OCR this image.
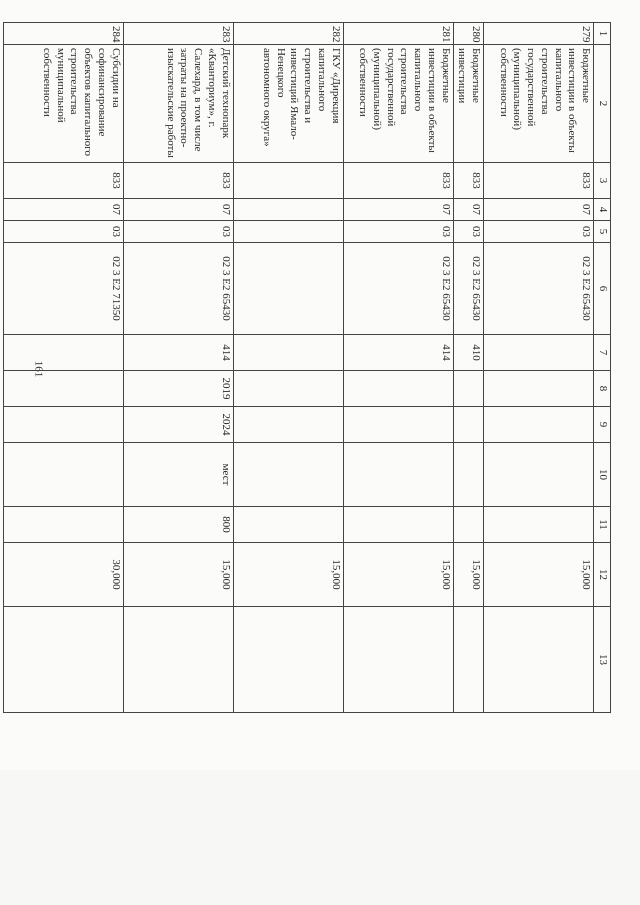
161
1	2	3	4	5	6	7	8	9	10	11	12	13
279	Бюджетные инвестиции в объекты капитального строительства государственной (муниципальной) собственности	833	07	03	02 3 E2 65430						15,000	
280	Бюджетные инвестиции	833	07	03	02 3 E2 65430	410					15,000	
281	Бюджетные инвестиции в объекты капитального строительства государственной (муниципальной) собственности	833	07	03	02 3 E2 65430	414					15,000	
282	ГКУ «Дирекция капитального строительства и инвестиций Ямало-Ненецкого автономного округа»										15,000	
283	Детский технопарк «Кванториум», г. Салехард, в том числе затраты на проектно-изыскательские работы	833	07	03	02 3 E2 65430	414	2019	2024	мест	800	15,000	
284	Субсидии на софинансирование объектов капитального строительства муниципальной собственности	833	07	03	02 3 E2 71350						30,000	
